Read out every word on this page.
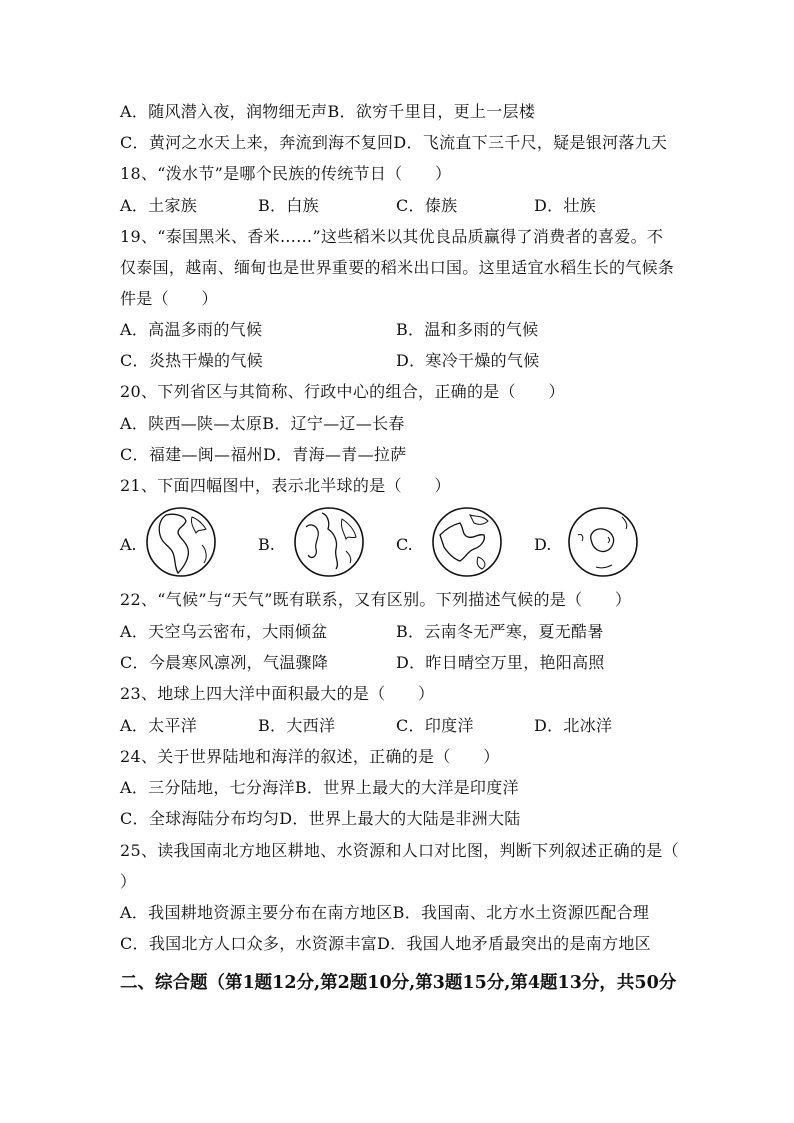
A．随风潜入夜，润物细无声B．欲穷千里目，更上一层楼
C．黄河之水天上来，奔流到海不复回D．飞流直下三千尺，疑是银河落九天
18、“泼水节”是哪个民族的传统节日（　　）
A．土家族	B．白族	C．傣族	D．壮族
19、“泰国黑米、香米……”这些稻米以其优良品质赢得了消费者的喜爱。不
仅泰国，越南、缅甸也是世界重要的稻米出口国。这里适宜水稻生长的气候条
件是（　　）
A．高温多雨的气候	B．温和多雨的气候
C．炎热干燥的气候	D．寒冷干燥的气候
20、下列省区与其简称、行政中心的组合，正确的是（　　）
A．陕西—陕—太原B．辽宁—辽—长春
C．福建—闽—福州D．青海—青—拉萨
21、下面四幅图中，表示北半球的是（　　）
A.	B.	C.	D.
22、“气候”与“天气”既有联系，又有区别。下列描述气候的是（　　）
A．天空乌云密布，大雨倾盆	B．云南冬无严寒，夏无酷暑
C．今晨寒风凛冽，气温骤降	D．昨日晴空万里，艳阳高照
23、地球上四大洋中面积最大的是（　　）
A．太平洋	B．大西洋	C．印度洋	D．北冰洋
24、关于世界陆地和海洋的叙述，正确的是（　　）
A．三分陆地，七分海洋B．世界上最大的大洋是印度洋
C．全球海陆分布均匀D．世界上最大的大陆是非洲大陆
25、读我国南北方地区耕地、水资源和人口对比图，判断下列叙述正确的是（
）
A．我国耕地资源主要分布在南方地区B．我国南、北方水土资源匹配合理
C．我国北方人口众多，水资源丰富D．我国人地矛盾最突出的是南方地区
二、综合题（第1题12分,第2题10分,第3题15分,第4题13分，共50分
